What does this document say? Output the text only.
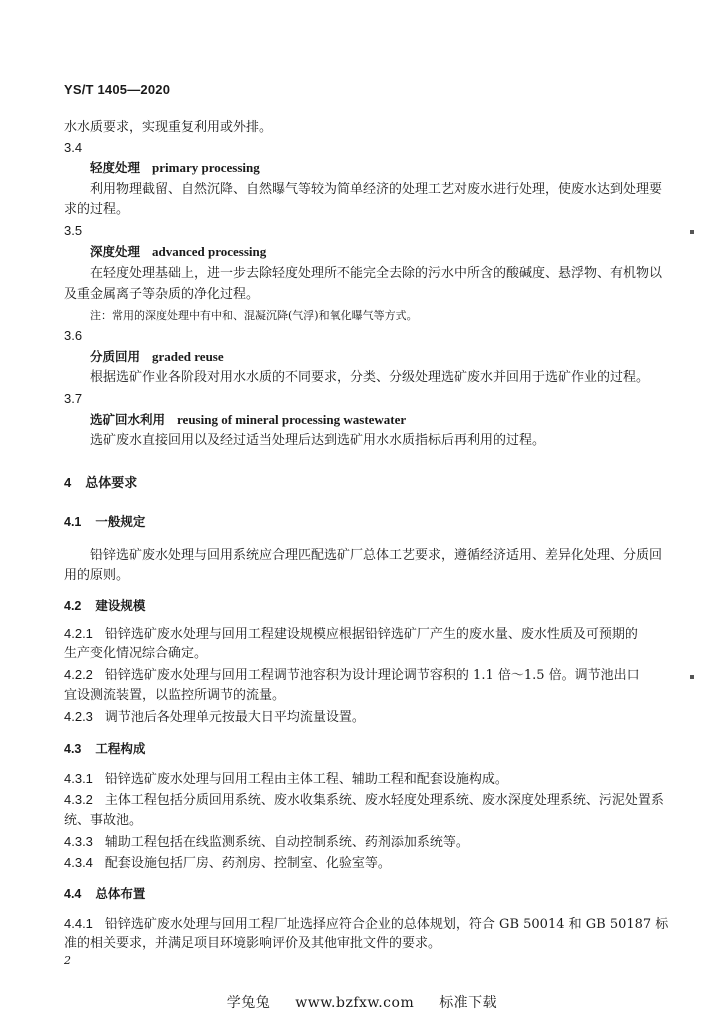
YS/T 1405—2020
水水质要求，实现重复利用或外排。
3.4
轻度处理 primary processing
利用物理截留、自然沉降、自然曝气等较为简单经济的处理工艺对废水进行处理，使废水达到处理要
求的过程。
3.5
深度处理 advanced processing
在轻度处理基础上，进一步去除轻度处理所不能完全去除的污水中所含的酸碱度、悬浮物、有机物以
及重金属离子等杂质的净化过程。
注：常用的深度处理中有中和、混凝沉降(气浮)和氧化曝气等方式。
3.6
分质回用 graded reuse
根据选矿作业各阶段对用水水质的不同要求，分类、分级处理选矿废水并回用于选矿作业的过程。
3.7
选矿回水利用 reusing of mineral processing wastewater
选矿废水直接回用以及经过适当处理后达到选矿用水水质指标后再利用的过程。
4 总体要求
4.1 一般规定
铅锌选矿废水处理与回用系统应合理匹配选矿厂总体工艺要求，遵循经济适用、差异化处理、分质回
用的原则。
4.2 建设规模
4.2.1 铅锌选矿废水处理与回用工程建设规模应根据铅锌选矿厂产生的废水量、废水性质及可预期的
生产变化情况综合确定。
4.2.2 铅锌选矿废水处理与回用工程调节池容积为设计理论调节容积的 1.1 倍～1.5 倍。调节池出口
宜设测流装置，以监控所调节的流量。
4.2.3 调节池后各处理单元按最大日平均流量设置。
4.3 工程构成
4.3.1 铅锌选矿废水处理与回用工程由主体工程、辅助工程和配套设施构成。
4.3.2 主体工程包括分质回用系统、废水收集系统、废水轻度处理系统、废水深度处理系统、污泥处置系
统、事故池。
4.3.3 辅助工程包括在线监测系统、自动控制系统、药剂添加系统等。
4.3.4 配套设施包括厂房、药剂房、控制室、化验室等。
4.4 总体布置
4.4.1 铅锌选矿废水处理与回用工程厂址选择应符合企业的总体规划，符合 GB 50014 和 GB 50187 标
准的相关要求，并满足项目环境影响评价及其他审批文件的要求。
2
学兔兔 www.bzfxw.com 标准下载
